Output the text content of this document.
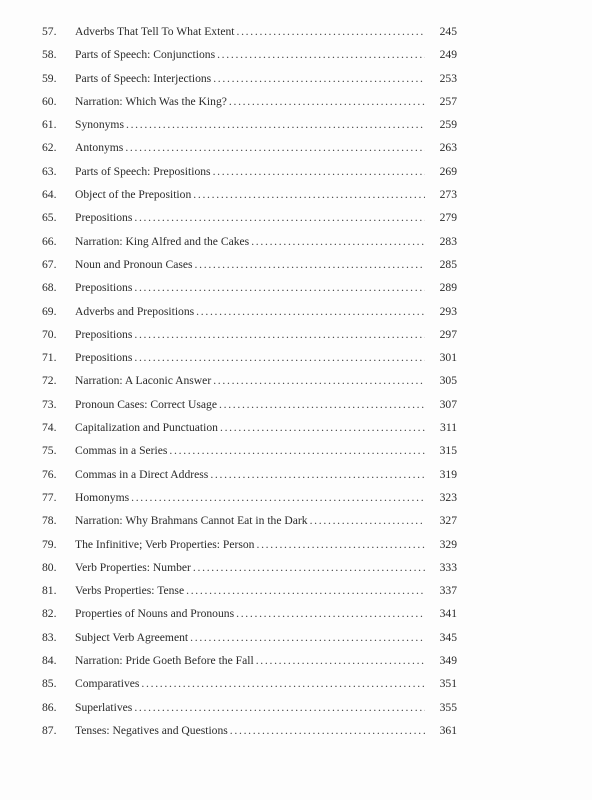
57.	Adverbs That Tell To What Extent . . .	245
58.	Parts of Speech: Conjunctions . . .	249
59.	Parts of Speech: Interjections . . .	253
60.	Narration: Which Was the King? . . .	257
61.	Synonyms . . .	259
62.	Antonyms . . .	263
63.	Parts of Speech: Prepositions . . .	269
64.	Object of the Preposition . . .	273
65.	Prepositions . . .	279
66.	Narration: King Alfred and the Cakes . . .	283
67.	Noun and Pronoun Cases . . .	285
68.	Prepositions . . .	289
69.	Adverbs and Prepositions . . .	293
70.	Prepositions . . .	297
71.	Prepositions . . .	301
72.	Narration: A Laconic Answer . . .	305
73.	Pronoun Cases: Correct Usage . . .	307
74.	Capitalization and Punctuation . . .	311
75.	Commas in a Series . . .	315
76.	Commas in a Direct Address . . .	319
77.	Homonyms . . .	323
78.	Narration: Why Brahmans Cannot Eat in the Dark . . .	327
79.	The Infinitive; Verb Properties: Person . . .	329
80.	Verb Properties: Number . . .	333
81.	Verbs Properties: Tense . . .	337
82.	Properties of Nouns and Pronouns . . .	341
83.	Subject Verb Agreement . . .	345
84.	Narration: Pride Goeth Before the Fall . . .	349
85.	Comparatives . . .	351
86.	Superlatives . . .	355
87.	Tenses: Negatives and Questions . . .	361
